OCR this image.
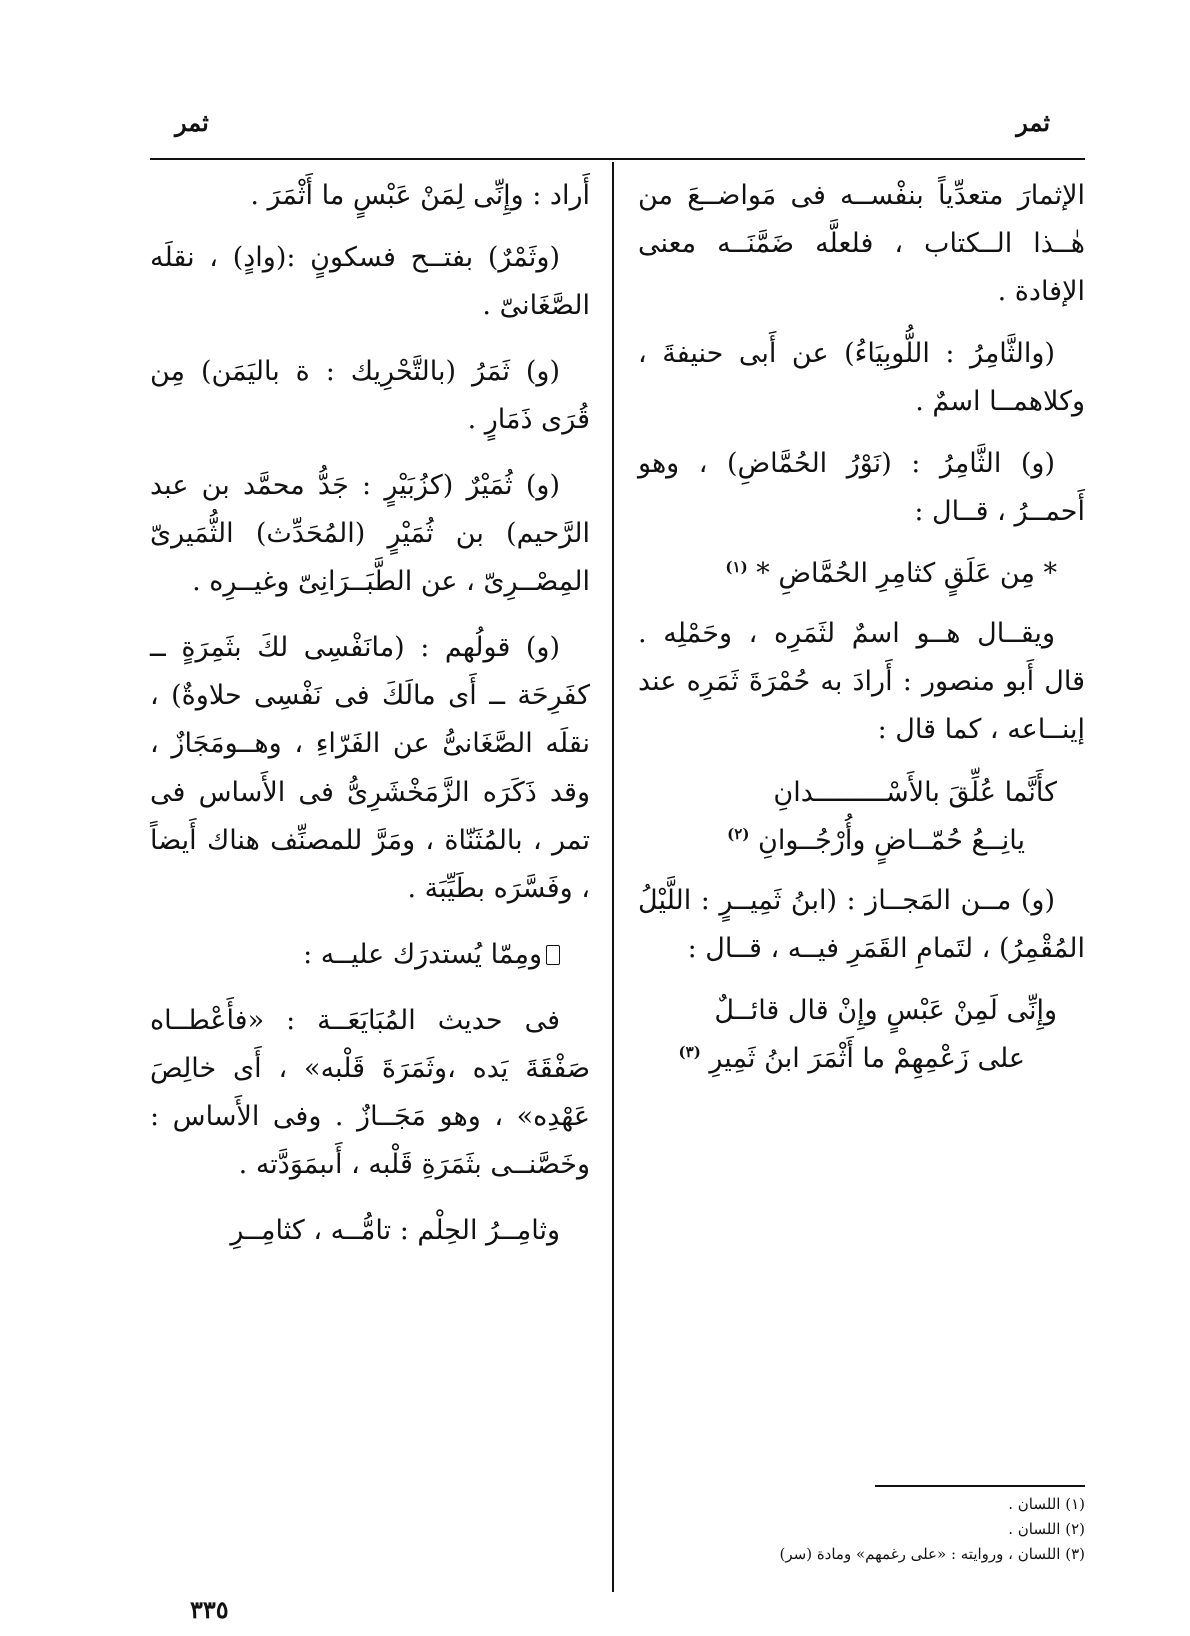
ثمر
ثمر

الإثمارَ متعدِّياً بنفْســه فى مَواضــعَ من هٰــذا الــكتاب ، فلعلَّه ضَمَّنَــه معنى الإفادة .

(والثَّامِرُ : اللُّوبِيَاءُ) عن أَبى حنيفةَ ، وكلاهمــا اسمٌ .

(و) الثَّامِرُ : (نَوْرُ الحُمَّاضِ) ، وهو أَحمــرُ ، قــال :

* مِن عَلَقٍ كثامِرِ الحُمَّاضِ * $^{(١)}$

ويقــال هــو اسمٌ لثَمَرِه ، وحَمْلِه . قال أَبو منصور : أَرادَ به حُمْرَةَ ثَمَرِه عند إينــاعه ، كما قال :

كأَنَّما عُلِّقَ بالأَسْـــــــــدانِ
يانِــعُ حُمّــاضٍ وأُرْجُــوانِ $^{(٢)}$

(و) مــن المَجــاز : (ابنُ ثَمِيــرٍ : اللَّيْلُ المُقْمِرُ) ، لتَمامِ القَمَرِ فيــه ، قــال :

وإِنِّى لَمِنْ عَبْسٍ وإِنْ قال قائــلٌ
على زَعْمِهِمْ ما أَثْمَرَ ابنُ ثَمِيرِ $^{(٣)}$

أَراد : وإِنِّى لِمَنْ عَبْسٍ ما أَثْمَرَ .

(وثَمْرٌ) بفتــح فسكونٍ :(وادٍ) ، نقلَه الصَّغَانىّ .

(و) ثَمَرُ (بالتَّحْرِيك : ة باليَمَن) مِن قُرَى ذَمَارٍ .

(و) ثُمَيْرٌ (كزُبَيْرٍ : جَدُّ محمَّد بن عبد الرَّحيم) بن ثُمَيْرٍ (المُحَدِّث) الثُّمَيرىّ المِصْــرِىّ ، عن الطَّبَــرَانِىّ وغيــرِه .

(و) قولُهم : (مانَفْسِى لكَ بثَمِرَةٍ ــ كفَرِحَة ــ أَى مالَكَ فى نَفْسِى حلاوةٌ) ، نقلَه الصَّغَانىُّ عن الفَرّاءِ ، وهــومَجَازٌ ، وقد ذَكَرَه الزَّمَخْشَرِىُّ فى الأَساس فى تمر ، بالمُثَنّاة ، ومَرَّ للمصنِّف هناك أَيضاً ، وفَسَّرَه بطَيِّبَة .

ومِمّا يُستدرَك عليــه :

فى حديث المُبَايَعَــة : «فأَعْطــاه صَفْقَةَ يَده ،وثَمَرَةَ قَلْبه» ، أَى خالِصَ عَهْدِه» ، وهو مَجَــازٌ . وفى الأَساس : وخَصَّنــى بثَمَرَةِ قَلْبه ، أَىبمَوَدَّته .

وثامِــرُ الحِلْم : تامُّــه ، كثامِــرِ

(١) اللسان .
(٢) اللسان .
(٣) اللسان ، وروايته : «على رغمهم» ومادة (سر)
٣٣٥
